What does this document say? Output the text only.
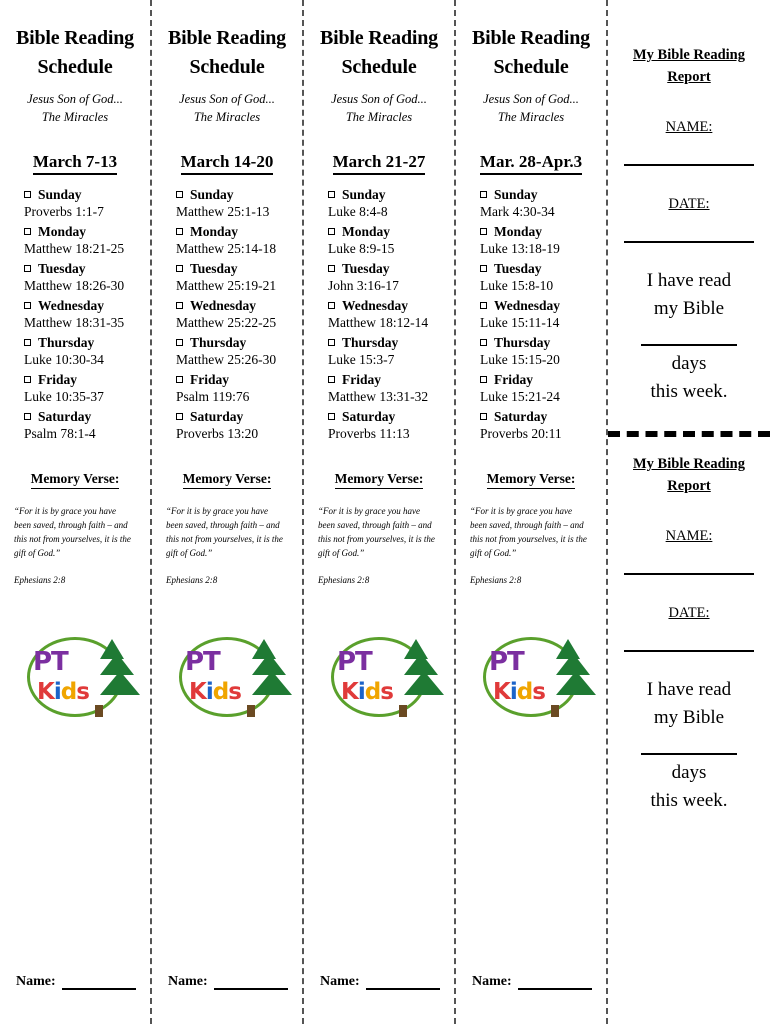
Bible Reading
Schedule
Jesus Son of God...
The Miracles
March 7-13
Sunday
Proverbs 1:1-7
Monday
Matthew 18:21-25
Tuesday
Matthew 18:26-30
Wednesday
Matthew 18:31-35
Thursday
Luke 10:30-34
Friday
Luke 10:35-37
Saturday
Psalm 78:1-4
Memory Verse:
“For it is by grace you have been saved, through faith – and this not from yourselves, it is the gift of God.”
Ephesians 2:8
PT
Kids
Name:
Bible Reading
Schedule
Jesus Son of God...
The Miracles
March 14-20
Sunday
Matthew 25:1-13
Monday
Matthew 25:14-18
Tuesday
Matthew 25:19-21
Wednesday
Matthew 25:22-25
Thursday
Matthew 25:26-30
Friday
Psalm 119:76
Saturday
Proverbs 13:20
Memory Verse:
“For it is by grace you have been saved, through faith – and this not from yourselves, it is the gift of God.”
Ephesians 2:8
PT
Kids
Name:
Bible Reading
Schedule
Jesus Son of God...
The Miracles
March 21-27
Sunday
Luke 8:4-8
Monday
Luke 8:9-15
Tuesday
John 3:16-17
Wednesday
Matthew 18:12-14
Thursday
Luke 15:3-7
Friday
Matthew 13:31-32
Saturday
Proverbs 11:13
Memory Verse:
“For it is by grace you have been saved, through faith – and this not from yourselves, it is the gift of God.”
Ephesians 2:8
PT
Kids
Name:
Bible Reading
Schedule
Jesus Son of God...
The Miracles
Mar. 28-Apr.3
Sunday
Mark 4:30-34
Monday
Luke 13:18-19
Tuesday
Luke 15:8-10
Wednesday
Luke 15:11-14
Thursday
Luke 15:15-20
Friday
Luke 15:21-24
Saturday
Proverbs 20:11
Memory Verse:
“For it is by grace you have been saved, through faith – and this not from yourselves, it is the gift of God.”
Ephesians 2:8
PT
Kids
Name:
My Bible Reading
Report
NAME:
DATE:
I have read
my Bible
days
this week.
My Bible Reading
Report
NAME:
DATE:
I have read
my Bible
days
this week.
